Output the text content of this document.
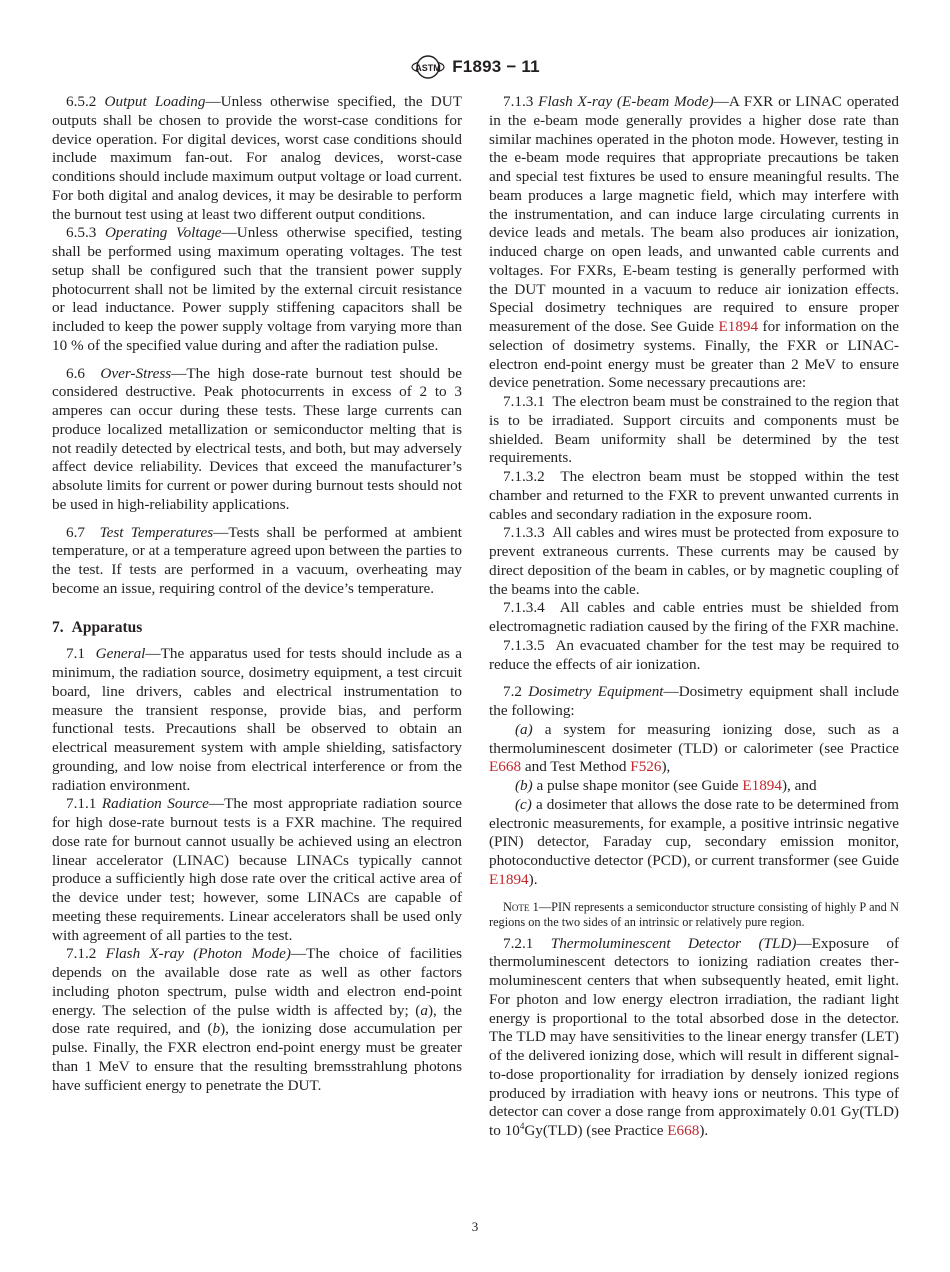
ASTM F1893 − 11

6.5.2 Output Loading—Unless otherwise specified, the DUT outputs shall be chosen to provide the worst-case conditions for device operation. For digital devices, worst case conditions should include maximum fan-out. For analog devices, worst-case conditions should include maximum output voltage or load current. For both digital and analog devices, it may be desirable to perform the burnout test using at least two different output conditions.

6.5.3 Operating Voltage—Unless otherwise specified, testing shall be performed using maximum operating voltages. The test setup shall be configured such that the transient power supply photocurrent shall not be limited by the external circuit resistance or lead inductance. Power supply stiffening capacitors shall be included to keep the power supply voltage from varying more than 10 % of the specified value during and after the radiation pulse.

6.6 Over-Stress—The high dose-rate burnout test should be considered destructive. Peak photocurrents in excess of 2 to 3 amperes can occur during these tests. These large currents can produce localized metallization or semiconductor melting that is not readily detected by electrical tests, and both, but may adversely affect device reliability. Devices that exceed the manufacturer’s absolute limits for current or power during burnout tests should not be used in high-reliability applications.

6.7 Test Temperatures—Tests shall be performed at ambient temperature, or at a temperature agreed upon between the parties to the test. If tests are performed in a vacuum, overheating may become an issue, requiring control of the device’s temperature.

7. Apparatus

7.1 General—The apparatus used for tests should include as a minimum, the radiation source, dosimetry equipment, a test circuit board, line drivers, cables and electrical instrumentation to measure the transient response, provide bias, and perform functional tests. Precautions shall be observed to obtain an electrical measurement system with ample shielding, satisfactory grounding, and low noise from electrical interference or from the radiation environment.

7.1.1 Radiation Source—The most appropriate radiation source for high dose-rate burnout tests is a FXR machine. The required dose rate for burnout cannot usually be achieved using an electron linear accelerator (LINAC) because LINACs typically cannot produce a sufficiently high dose rate over the critical active area of the device under test; however, some LINACs are capable of meeting these requirements. Linear accelerators shall be used only with agreement of all parties to the test.

7.1.2 Flash X-ray (Photon Mode)—The choice of facilities depends on the available dose rate as well as other factors including photon spectrum, pulse width and electron end-point energy. The selection of the pulse width is affected by; (a), the dose rate required, and (b), the ionizing dose accumulation per pulse. Finally, the FXR electron end-point energy must be greater than 1 MeV to ensure that the resulting bremsstrahlung photons have sufficient energy to penetrate the DUT.

7.1.3 Flash X-ray (E-beam Mode)—A FXR or LINAC operated in the e-beam mode generally provides a higher dose rate than similar machines operated in the photon mode. However, testing in the e-beam mode requires that appropriate precautions be taken and special test fixtures be used to ensure meaningful results. The beam produces a large magnetic field, which may interfere with the instrumentation, and can induce large circulating currents in device leads and metals. The beam also produces air ionization, induced charge on open leads, and unwanted cable currents and voltages. For FXRs, E-beam testing is generally performed with the DUT mounted in a vacuum to reduce air ionization effects. Special dosimetry techniques are required to ensure proper measurement of the dose. See Guide E1894 for information on the selection of dosimetry systems. Finally, the FXR or LINAC-electron end-point energy must be greater than 2 MeV to ensure device penetration. Some necessary precautions are:

7.1.3.1 The electron beam must be constrained to the region that is to be irradiated. Support circuits and components must be shielded. Beam uniformity shall be determined by the test requirements.

7.1.3.2 The electron beam must be stopped within the test chamber and returned to the FXR to prevent unwanted currents in cables and secondary radiation in the exposure room.

7.1.3.3 All cables and wires must be protected from exposure to prevent extraneous currents. These currents may be caused by direct deposition of the beam in cables, or by magnetic coupling of the beams into the cable.

7.1.3.4 All cables and cable entries must be shielded from electromagnetic radiation caused by the firing of the FXR machine.

7.1.3.5 An evacuated chamber for the test may be required to reduce the effects of air ionization.

7.2 Dosimetry Equipment—Dosimetry equipment shall include the following:

(a) a system for measuring ionizing dose, such as a thermoluminescent dosimeter (TLD) or calorimeter (see Practice E668 and Test Method F526),

(b) a pulse shape monitor (see Guide E1894), and

(c) a dosimeter that allows the dose rate to be determined from electronic measurements, for example, a positive intrinsic negative (PIN) detector, Faraday cup, secondary emission monitor, photoconductive detector (PCD), or current transformer (see Guide E1894).

Note 1—PIN represents a semiconductor structure consisting of highly P and N regions on the two sides of an intrinsic or relatively pure region.

7.2.1 Thermoluminescent Detector (TLD)—Exposure of thermoluminescent detectors to ionizing radiation creates thermoluminescent centers that when subsequently heated, emit light. For photon and low energy electron irradiation, the radiant light energy is proportional to the total absorbed dose in the detector. The TLD may have sensitivities to the linear energy transfer (LET) of the delivered ionizing dose, which will result in different signal-to-dose proportionality for irradiation by densely ionized regions produced by irradiation with heavy ions or neutrons. This type of detector can cover a dose range from approximately 0.01 Gy(TLD) to $10^4Gy(TLD)$ (see Practice E668).

3
